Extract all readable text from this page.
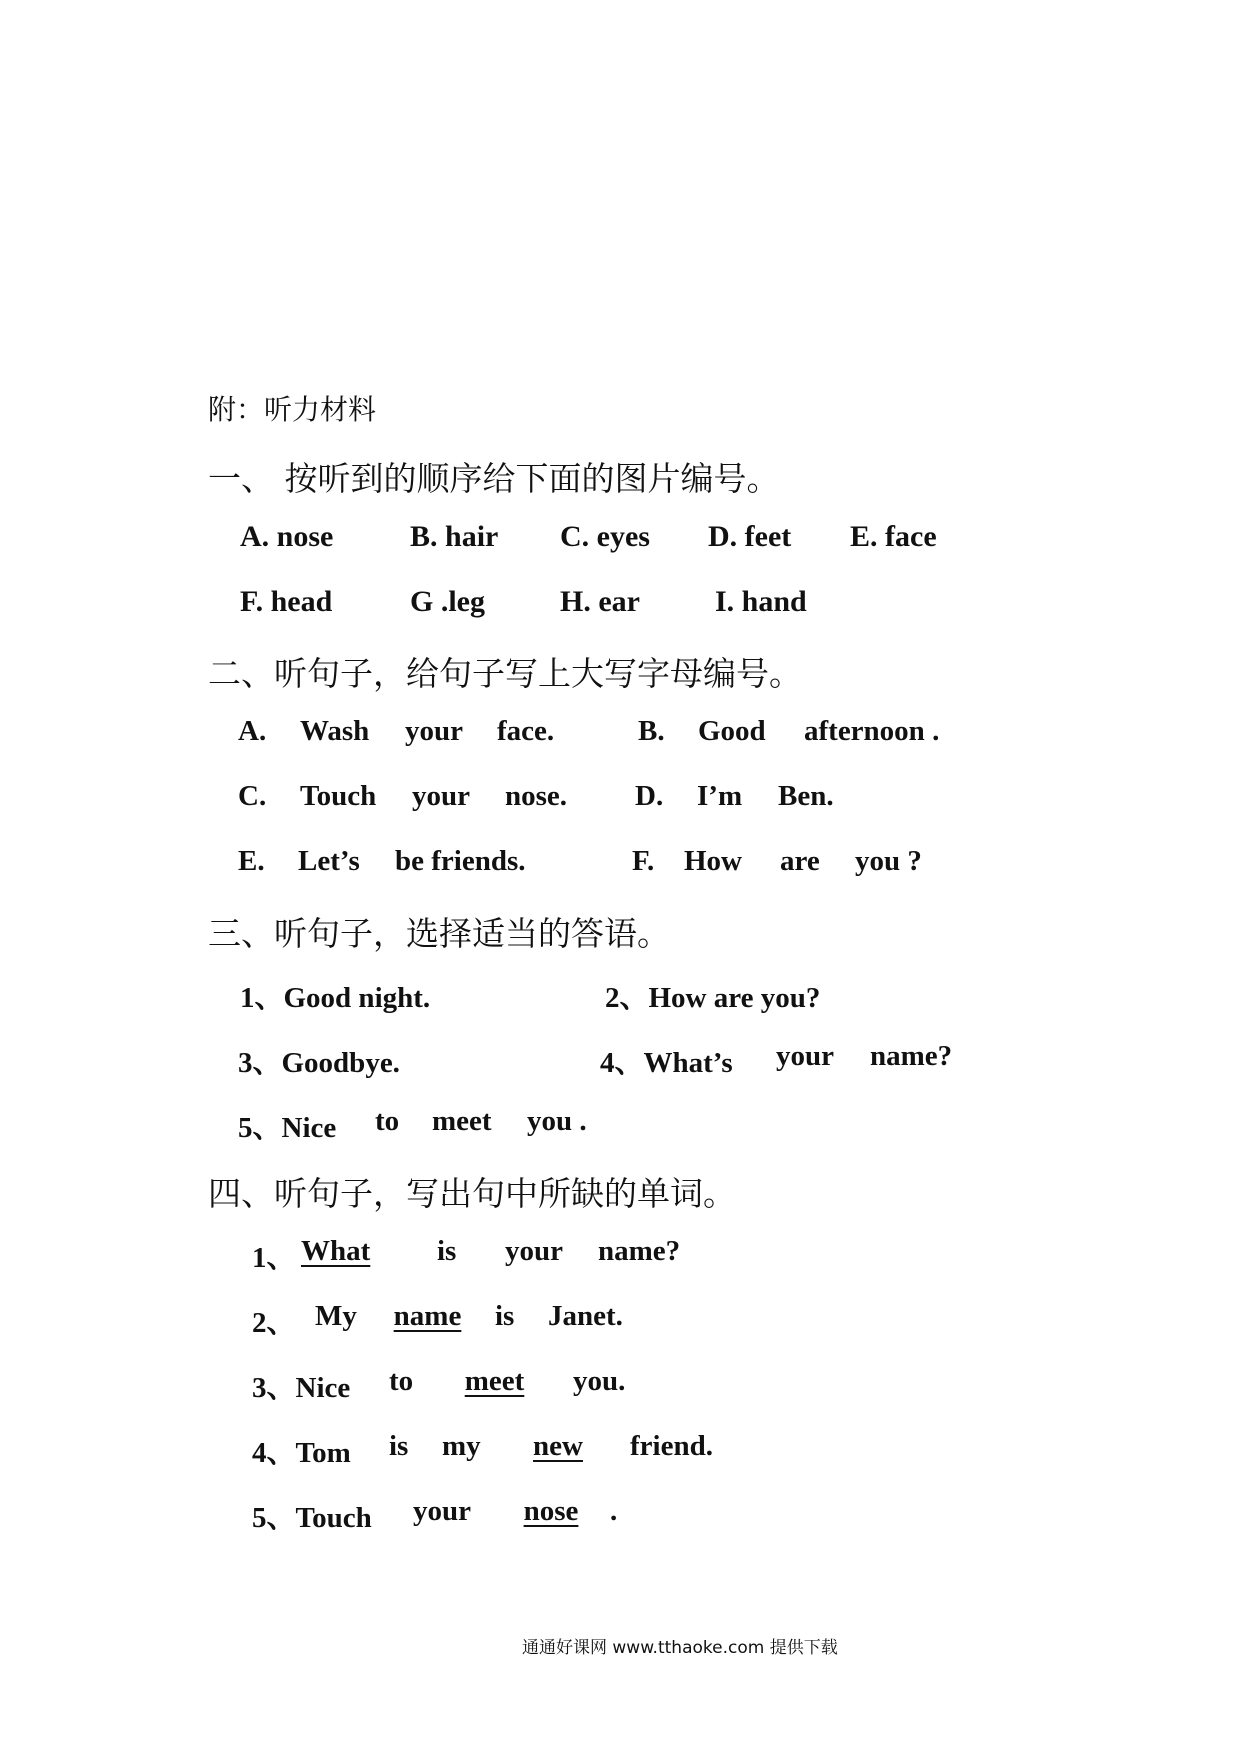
附：听力材料
一、 按听到的顺序给下面的图片编号。
A. nose	B. hair C. eyes D. feet E. face
F. head	G .leg	H. ear	I. hand
二、听句子，给句子写上大写字母编号。
A. Wash your face.	B. Good afternoon .
C. Touch your nose. D. I’m Ben.
E. Let’s be friends.	F. How are you ?
三、听句子，选择适当的答语。
1、Good night.	2、How are you?
3、Goodbye.	4、What’s your name?
5、Nice to meet you .
四、听句子，写出句中所缺的单词。
1、 What is your name?
2、 My	name	is Janet.
3、Nice to	meet	you.
4、Tom is my	new	friend.
5、Touch your	nose	.
通通好课网 www.tthaoke.com 提供下载
